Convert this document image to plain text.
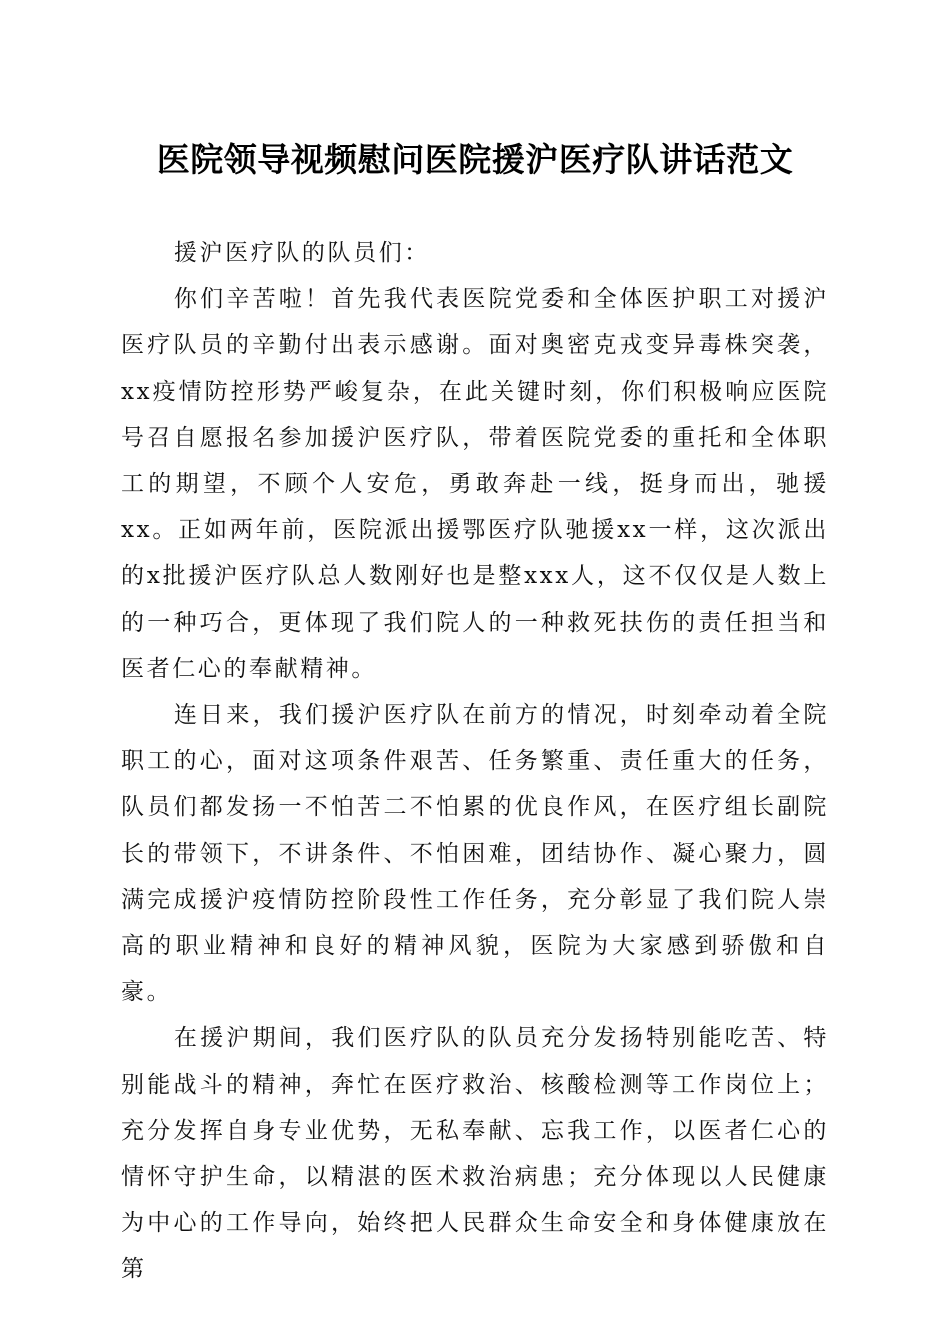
医院领导视频慰问医院援沪医疗队讲话范文

援沪医疗队的队员们：

你们辛苦啦！首先我代表医院党委和全体医护职工对援沪医疗队员的辛勤付出表示感谢。面对奥密克戎变异毒株突袭，xx疫情防控形势严峻复杂，在此关键时刻，你们积极响应医院号召自愿报名参加援沪医疗队，带着医院党委的重托和全体职工的期望，不顾个人安危，勇敢奔赴一线，挺身而出，驰援xx。正如两年前，医院派出援鄂医疗队驰援xx一样，这次派出的x批援沪医疗队总人数刚好也是整xxx人，这不仅仅是人数上的一种巧合，更体现了我们院人的一种救死扶伤的责任担当和医者仁心的奉献精神。

连日来，我们援沪医疗队在前方的情况，时刻牵动着全院职工的心，面对这项条件艰苦、任务繁重、责任重大的任务，队员们都发扬一不怕苦二不怕累的优良作风，在医疗组长副院长的带领下，不讲条件、不怕困难，团结协作、凝心聚力，圆满完成援沪疫情防控阶段性工作任务，充分彰显了我们院人崇高的职业精神和良好的精神风貌，医院为大家感到骄傲和自豪。

在援沪期间，我们医疗队的队员充分发扬特别能吃苦、特别能战斗的精神，奔忙在医疗救治、核酸检测等工作岗位上；充分发挥自身专业优势，无私奉献、忘我工作，以医者仁心的情怀守护生命，以精湛的医术救治病患；充分体现以人民健康为中心的工作导向，始终把人民群众生命安全和身体健康放在第
